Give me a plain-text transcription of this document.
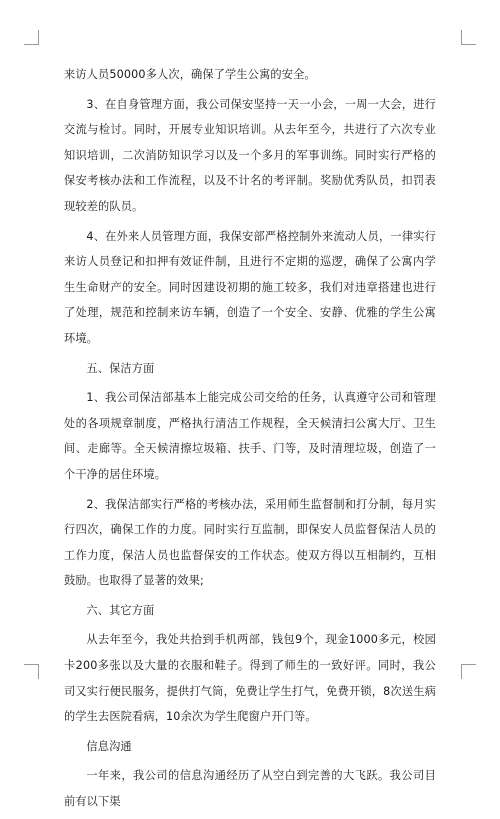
来访人员50000多人次，确保了学生公寓的安全。

3、在自身管理方面，我公司保安坚持一天一小会，一周一大会，进行交流与检讨。同时，开展专业知识培训。从去年至今，共进行了六次专业知识培训，二次消防知识学习以及一个多月的军事训练。同时实行严格的保安考核办法和工作流程，以及不计名的考评制。奖励优秀队员，扣罚表现较差的队员。

4、在外来人员管理方面，我保安部严格控制外来流动人员，一律实行来访人员登记和扣押有效证件制，且进行不定期的巡逻，确保了公寓内学生生命财产的安全。同时因建设初期的施工较多，我们对违章搭建也进行了处理，规范和控制来访车辆，创造了一个安全、安静、优雅的学生公寓环境。

五、保洁方面

1、我公司保洁部基本上能完成公司交给的任务，认真遵守公司和管理处的各项规章制度，严格执行清洁工作规程，全天候清扫公寓大厅、卫生间、走廊等。全天候清擦垃圾箱、扶手、门等，及时清理垃圾，创造了一个干净的居住环境。

2、我保洁部实行严格的考核办法，采用师生监督制和打分制，每月实行四次，确保工作的力度。同时实行互监制，即保安人员监督保洁人员的工作力度，保洁人员也监督保安的工作状态。使双方得以互相制约，互相鼓励。也取得了显著的效果;

六、其它方面

从去年至今，我处共拾到手机两部，钱包9个，现金1000多元，校园卡200多张以及大量的衣服和鞋子。得到了师生的一致好评。同时，我公司又实行便民服务，提供打气筒，免费让学生打气，免费开锁，8次送生病的学生去医院看病，10余次为学生爬窗户开门等。

信息沟通

一年来，我公司的信息沟通经历了从空白到完善的大飞跃。我公司目前有以下渠
